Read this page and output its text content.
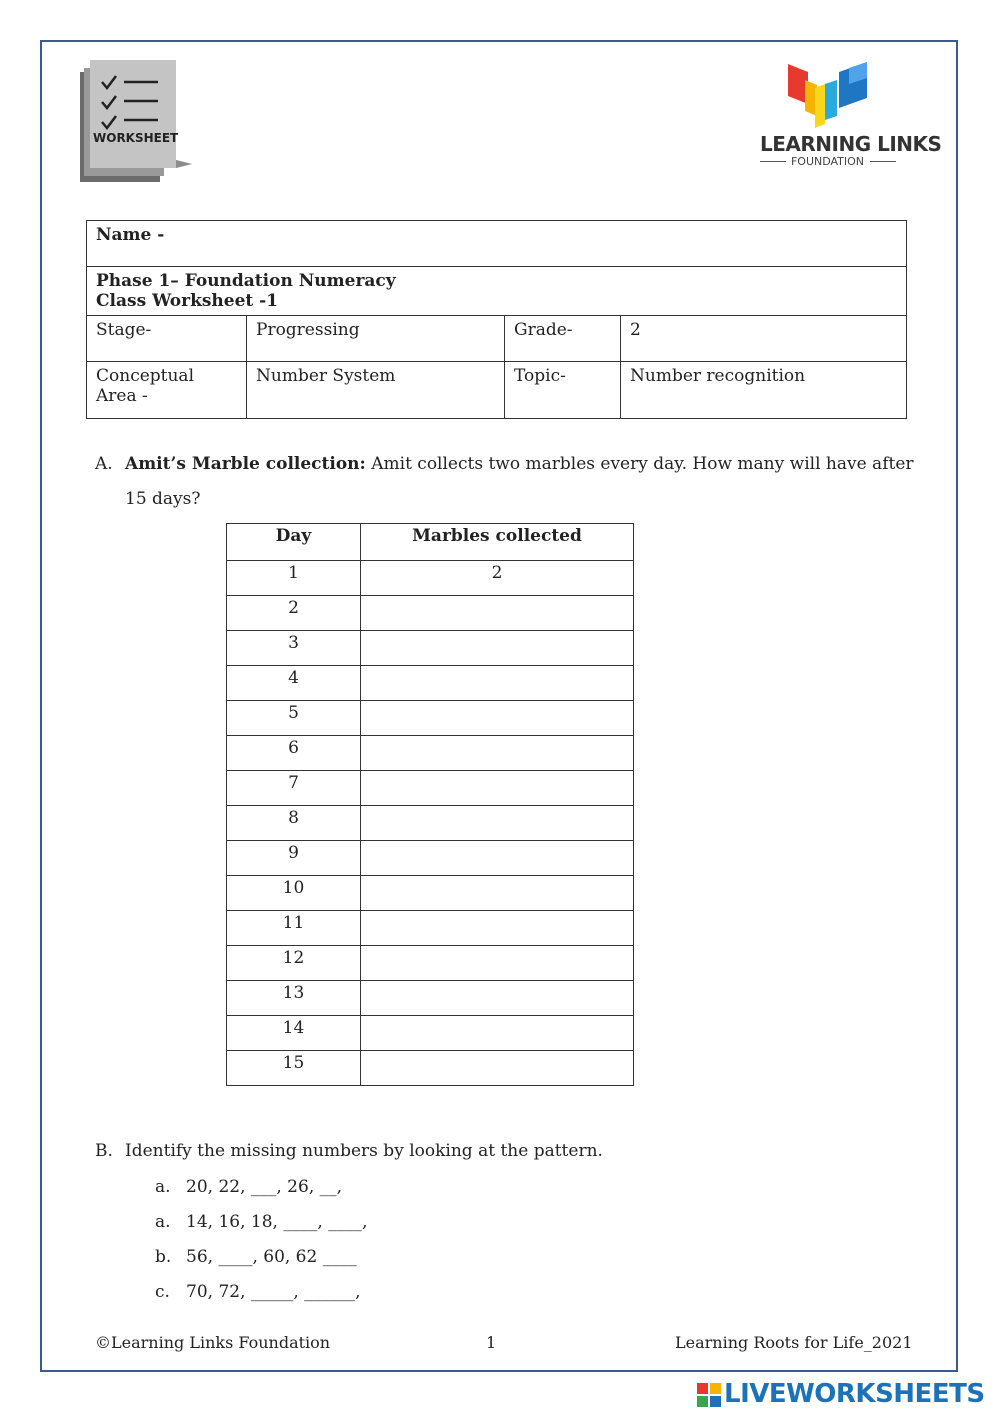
WORKSHEET	LEARNING LINKS
FOUNDATION
Name -			

Phase 1– Foundation Numeracy
Class Worksheet -1			

Stage-	Progressing	Grade-	2

Conceptual
Area -	Number System	Topic-	Number recognition
A. Amit’s Marble collection: Amit collects two marbles every day. How many will have after
15 days?
Day	Marbles collected
1	2
2	
3	
4	
5	
6	
7	
8	
9	
10	
11	
12	
13	
14	
15	
B. Identify the missing numbers by looking at the pattern.
a. 20, 22, ___, 26, __,
a. 14, 16, 18, ____, ____,
b. 56, ____, 60, 62 ____
c. 70, 72, _____, ______,
©Learning Links Foundation	1	Learning Roots for Life_2021
LIVEWORKSHEETS
